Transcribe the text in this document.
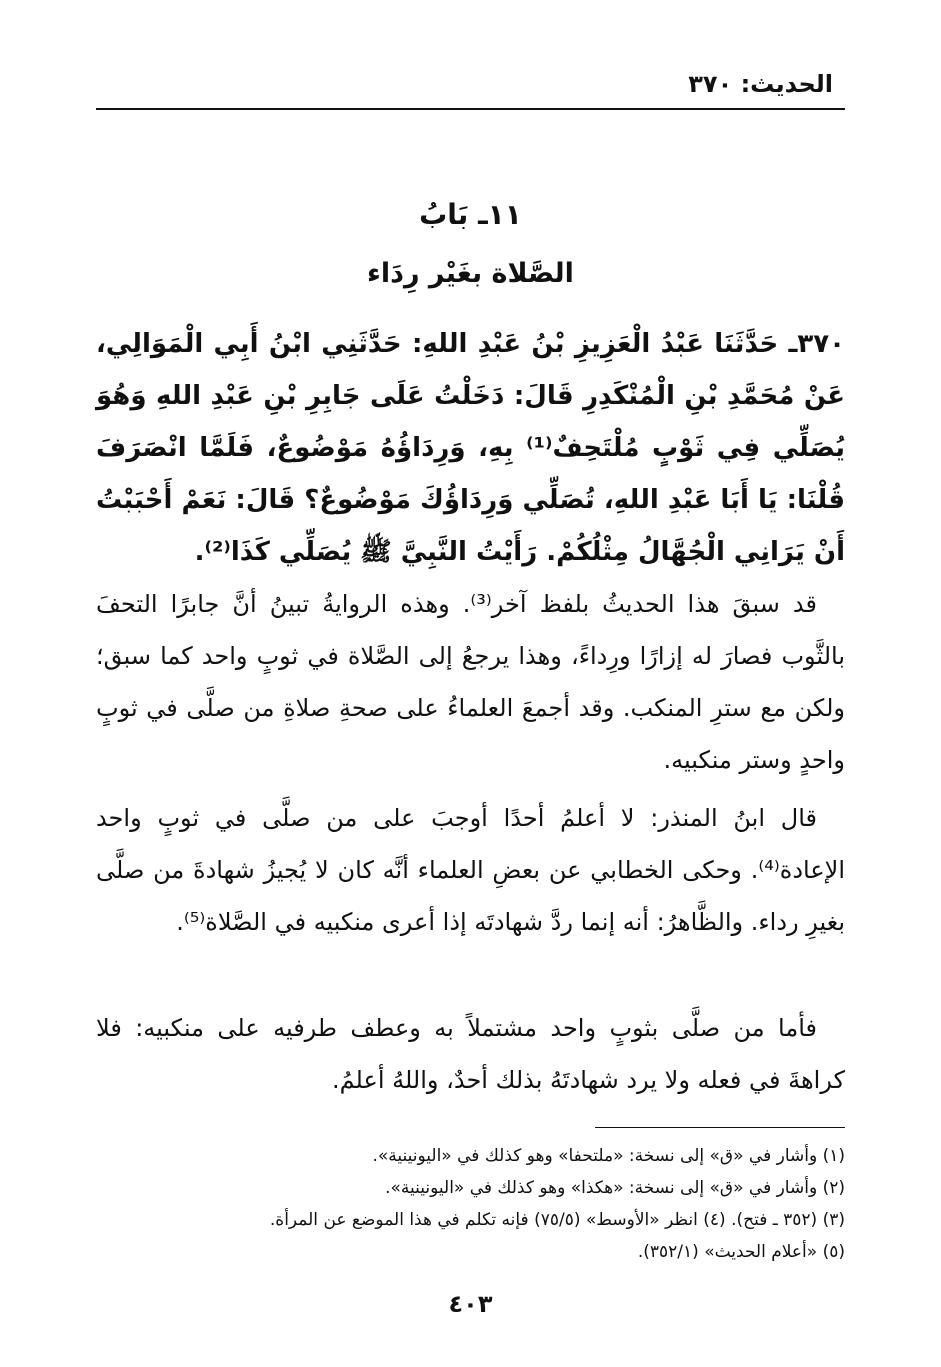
الحديث: ٣٧٠
١١ـ بَابُ
الصَّلاة بغَيْر رِدَاء
٣٧٠ـ حَدَّثَنَا عَبْدُ الْعَزِيزِ بْنُ عَبْدِ اللهِ: حَدَّثَنِي ابْنُ أَبِي الْمَوَالِي، عَنْ مُحَمَّدِ بْنِ الْمُنْكَدِرِ قَالَ: دَخَلْتُ عَلَى جَابِرِ بْنِ عَبْدِ اللهِ وَهُوَ يُصَلِّي فِي ثَوْبٍ مُلْتَحِفٌ⁽¹⁾ بِهِ، وَرِدَاؤُهُ مَوْضُوعٌ، فَلَمَّا انْصَرَفَ قُلْنَا: يَا أَبَا عَبْدِ اللهِ، تُصَلِّي وَرِدَاؤُكَ مَوْضُوعٌ؟ قَالَ: نَعَمْ أَحْبَبْتُ أَنْ يَرَانِي الْجُهَّالُ مِثْلُكُمْ. رَأَيْتُ النَّبِيَّ ﷺ يُصَلِّي كَذَا⁽²⁾.

قد سبقَ هذا الحديثُ بلفظ آخر⁽³⁾. وهذه الروايةُ تبينُ أنَّ جابرًا التحفَ بالثَّوب فصارَ له إزارًا ورِداءً، وهذا يرجعُ إلى الصَّلاة في ثوبٍ واحد كما سبق؛ ولكن مع سترِ المنكب. وقد أجمعَ العلماءُ على صحةِ صلاةِ من صلَّى في ثوبٍ واحدٍ وستر منكبيه.

قال ابنُ المنذر: لا أعلمُ أحدًا أوجبَ على من صلَّى في ثوبٍ واحد الإعادة⁽⁴⁾. وحكى الخطابي عن بعضِ العلماء أنَّه كان لا يُجيزُ شهادةَ من صلَّى بغيرِ رداء. والظَّاهرُ: أنه إنما ردَّ شهادتَه إذا أعرى منكبيه في الصَّلاة⁽⁵⁾.

فأما من صلَّى بثوبٍ واحد مشتملاً به وعطف طرفيه على منكبيه: فلا كراهةَ في فعله ولا يرد شهادتَهُ بذلك أحدٌ، واللهُ أعلمُ.

(١) وأشار في «ق» إلى نسخة: «ملتحفا» وهو كذلك في «اليونينية».
(٢) وأشار في «ق» إلى نسخة: «هكذا» وهو كذلك في «اليونينية».
(٣) (٣٥٢ ـ فتح). (٤) انظر «الأوسط» (٧٥/٥) فإنه تكلم في هذا الموضع عن المرأة.
(٥) «أعلام الحديث» (٣٥٢/١).
٤٠٣
